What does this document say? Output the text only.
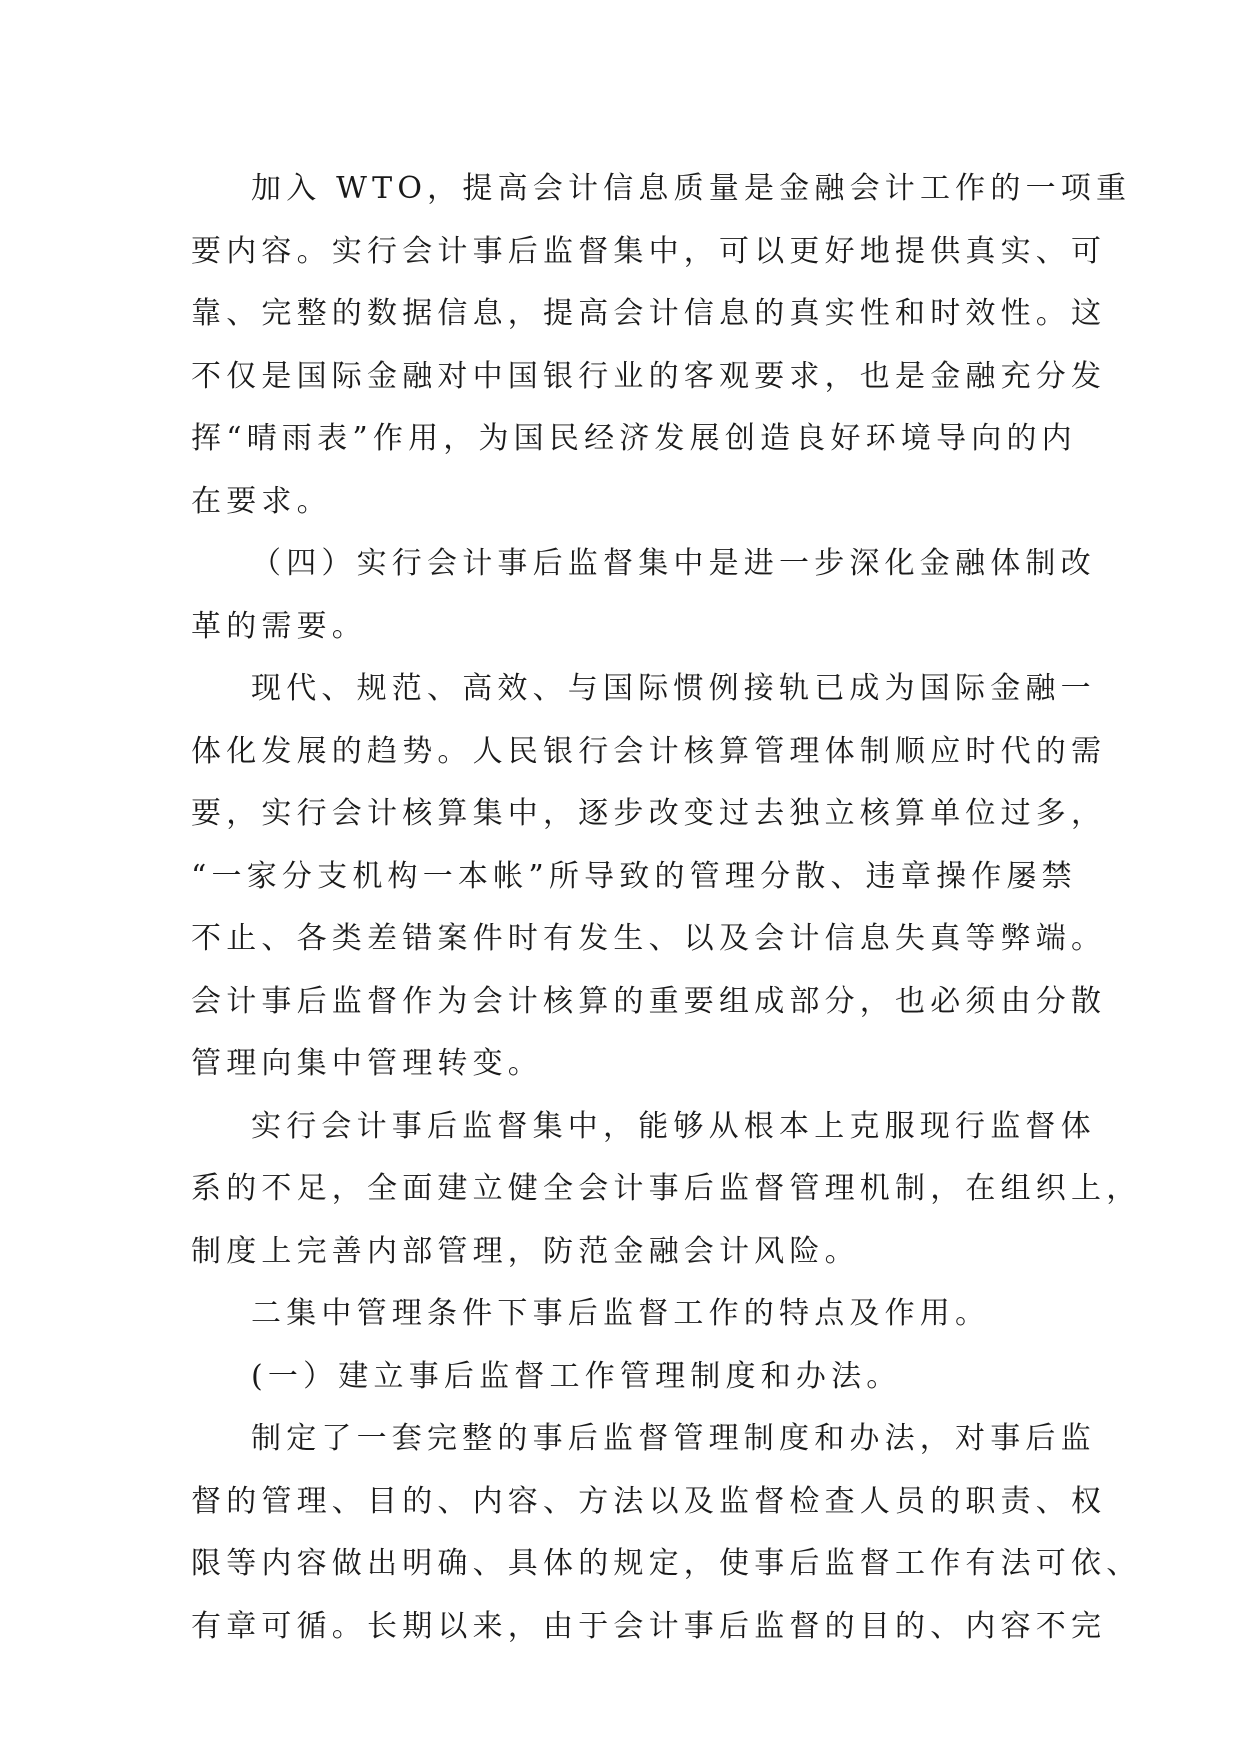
加入 WTO，提高会计信息质量是金融会计工作的一项重
要内容。实行会计事后监督集中，可以更好地提供真实、可
靠、完整的数据信息，提高会计信息的真实性和时效性。这
不仅是国际金融对中国银行业的客观要求，也是金融充分发
挥“晴雨表”作用，为国民经济发展创造良好环境导向的内
在要求。

（四）实行会计事后监督集中是进一步深化金融体制改
革的需要。

现代、规范、高效、与国际惯例接轨已成为国际金融一
体化发展的趋势。人民银行会计核算管理体制顺应时代的需
要，实行会计核算集中，逐步改变过去独立核算单位过多，
“一家分支机构一本帐”所导致的管理分散、违章操作屡禁
不止、各类差错案件时有发生、以及会计信息失真等弊端。
会计事后监督作为会计核算的重要组成部分，也必须由分散
管理向集中管理转变。

实行会计事后监督集中，能够从根本上克服现行监督体
系的不足，全面建立健全会计事后监督管理机制，在组织上，
制度上完善内部管理，防范金融会计风险。

二集中管理条件下事后监督工作的特点及作用。

(一）建立事后监督工作管理制度和办法。

制定了一套完整的事后监督管理制度和办法，对事后监
督的管理、目的、内容、方法以及监督检查人员的职责、权
限等内容做出明确、具体的规定，使事后监督工作有法可依、
有章可循。长期以来，由于会计事后监督的目的、内容不完
